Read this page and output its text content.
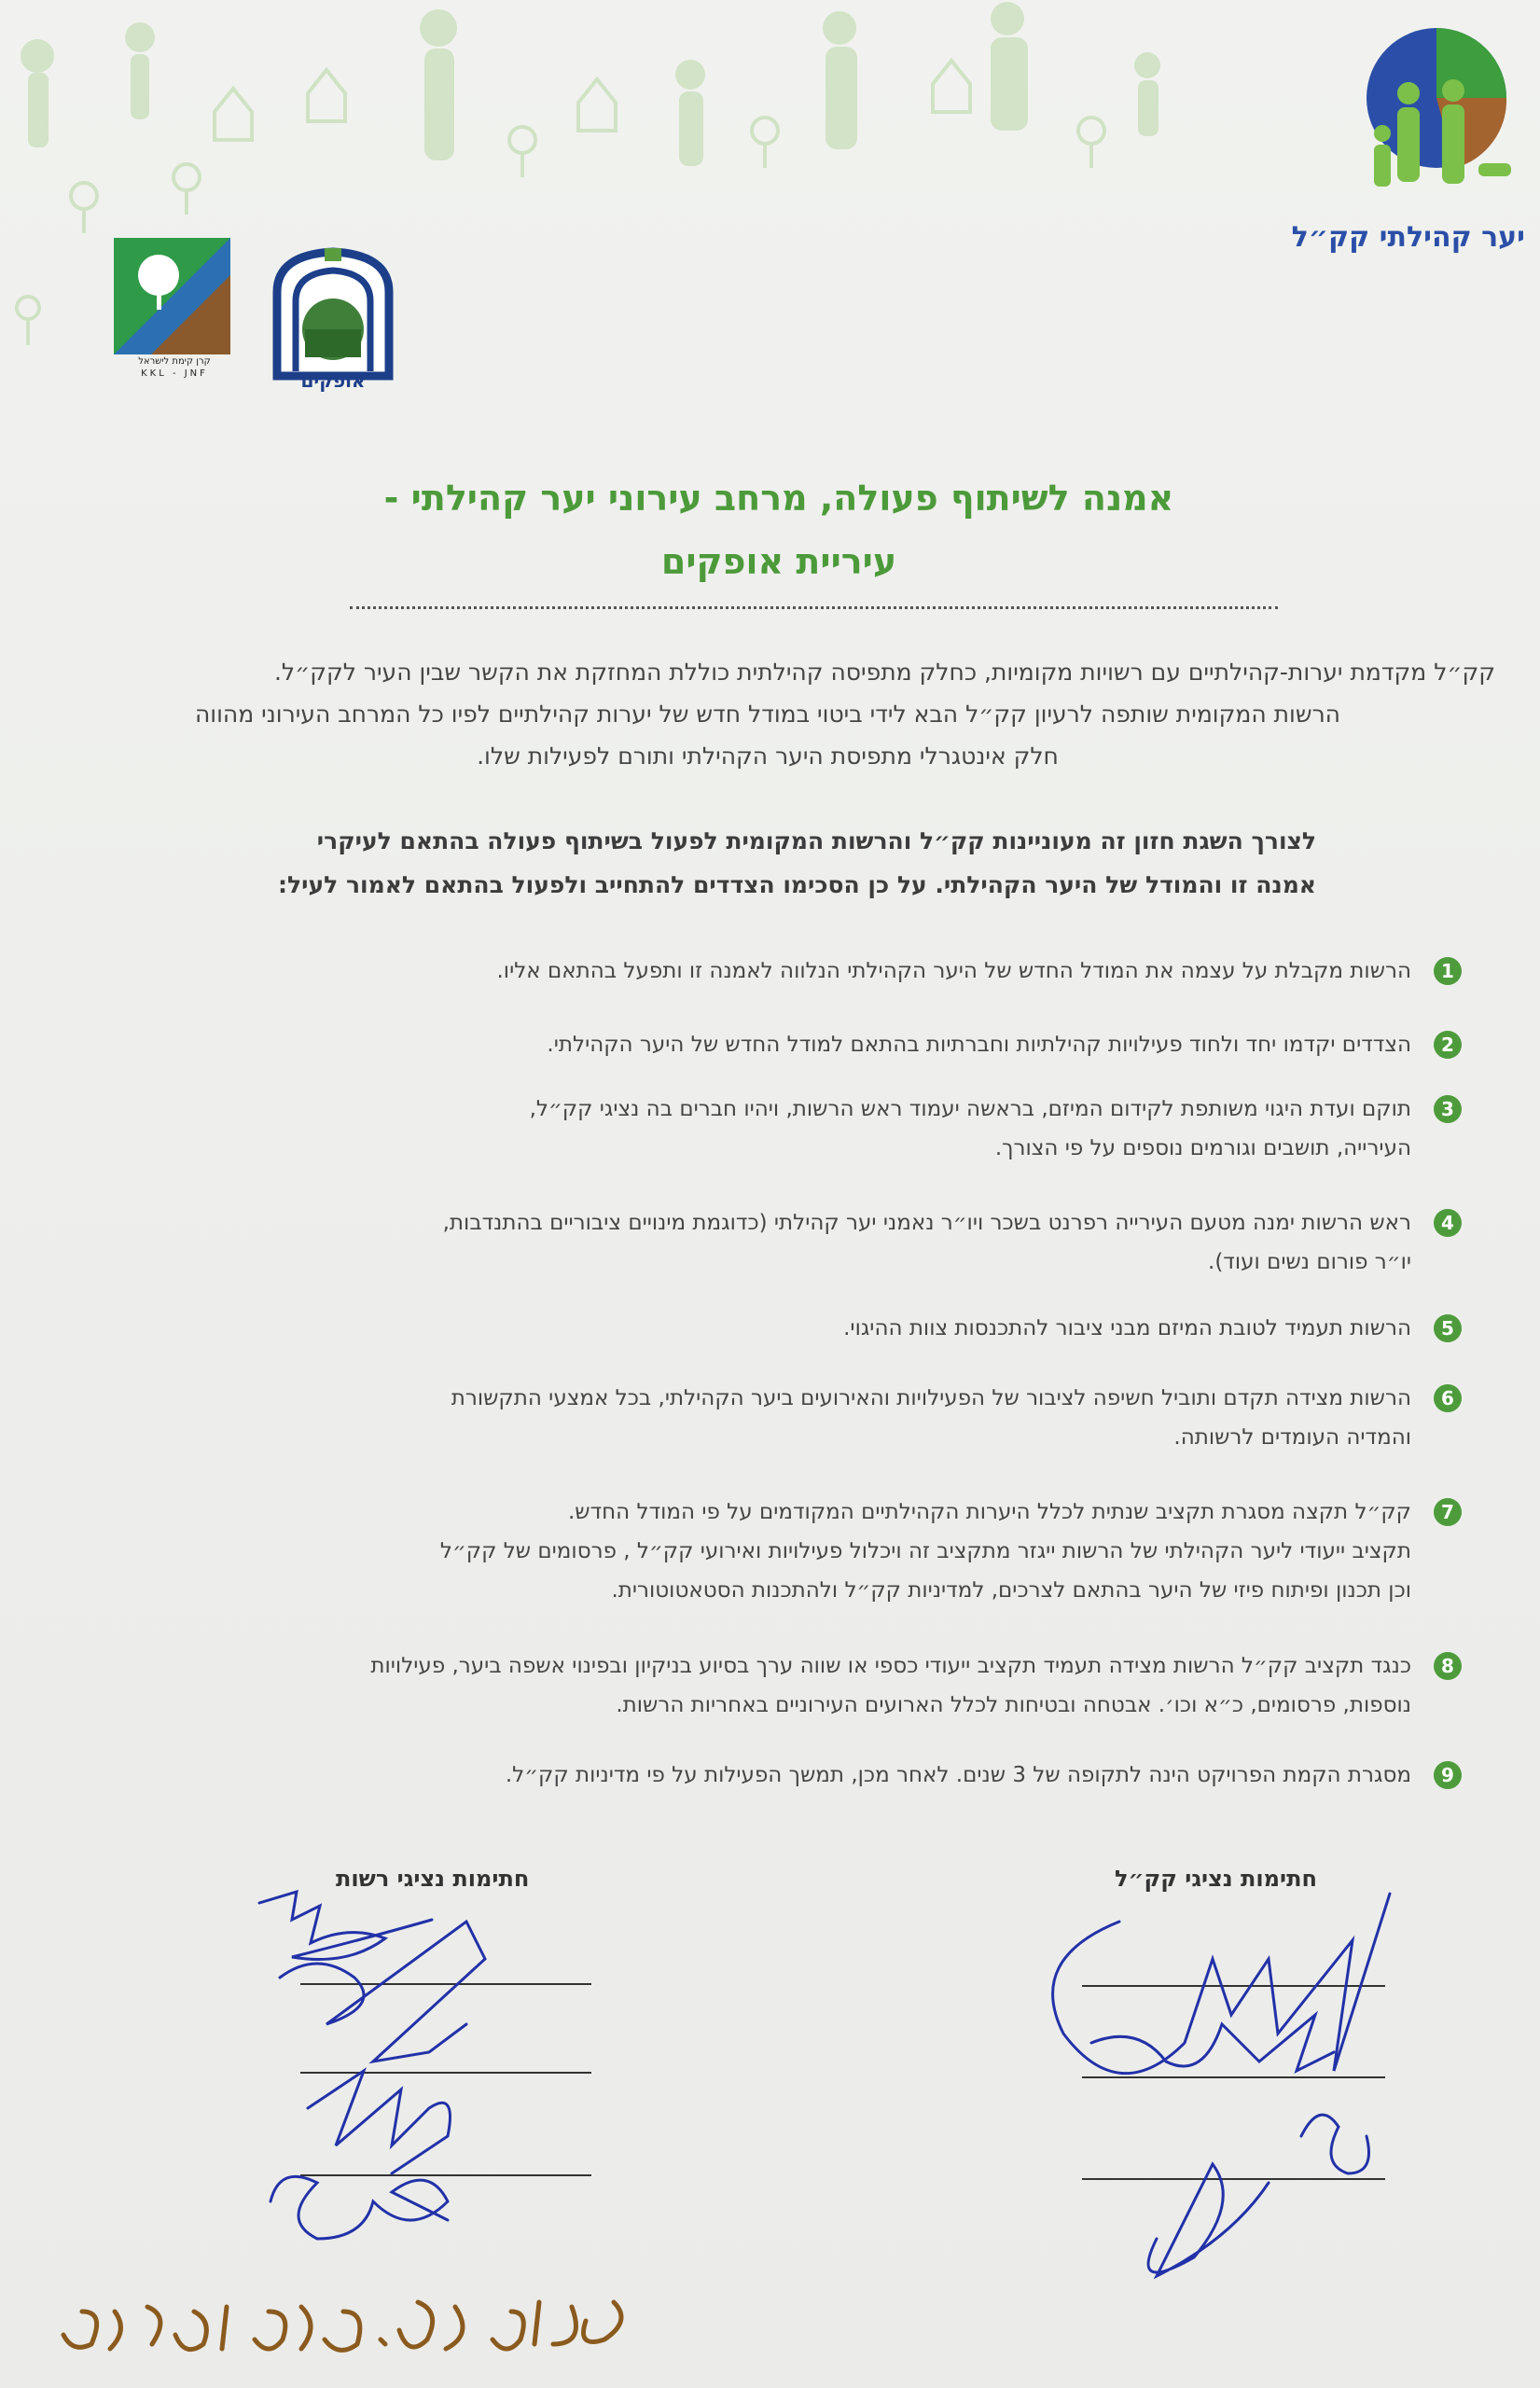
קרן קימת לישראל
KKL - JNF	אופקים
יער קהילתי קק״ל
אמנה לשיתוף פעולה, מרחב עירוני יער קהילתי -
עיריית אופקים
קק״ל מקדמת יערות-קהילתיים עם רשויות מקומיות, כחלק מתפיסה קהילתית כוללת המחזקת את הקשר שבין העיר לקק״ל.
הרשות המקומית שותפה לרעיון קק״ל הבא לידי ביטוי במודל חדש של יערות קהילתיים לפיו כל המרחב העירוני מהווה
חלק אינטגרלי מתפיסת היער הקהילתי ותורם לפעילות שלו.
לצורך השגת חזון זה מעוניינות קק״ל והרשות המקומית לפעול בשיתוף פעולה בהתאם לעיקרי
אמנה זו והמודל של היער הקהילתי. על כן הסכימו הצדדים להתחייב ולפעול בהתאם לאמור לעיל:
1
הרשות מקבלת על עצמה את המודל החדש של היער הקהילתי הנלווה לאמנה זו ותפעל בהתאם אליו.
2
הצדדים יקדמו יחד ולחוד פעילויות קהילתיות וחברתיות בהתאם למודל החדש של היער הקהילתי.
3
תוקם ועדת היגוי משותפת לקידום המיזם, בראשה יעמוד ראש הרשות, ויהיו חברים בה נציגי קק״ל,
העירייה, תושבים וגורמים נוספים על פי הצורך.
4
ראש הרשות ימנה מטעם העירייה רפרנט בשכר ויו״ר נאמני יער קהילתי (כדוגמת מינויים ציבוריים בהתנדבות,
יו״ר פורום נשים ועוד).
5
הרשות תעמיד לטובת המיזם מבני ציבור להתכנסות צוות ההיגוי.
6
הרשות מצידה תקדם ותוביל חשיפה לציבור של הפעילויות והאירועים ביער הקהילתי, בכל אמצעי התקשורת
והמדיה העומדים לרשותה.
7
קק״ל תקצה מסגרת תקציב שנתית לכלל היערות הקהילתיים המקודמים על פי המודל החדש.
תקציב ייעודי ליער הקהילתי של הרשות ייגזר מתקציב זה ויכלול פעילויות ואירועי קק״ל , פרסומים של קק״ל
וכן תכנון ופיתוח פיזי של היער בהתאם לצרכים, למדיניות קק״ל ולהתכנות הסטאטוטורית.
8
כנגד תקציב קק״ל הרשות מצידה תעמיד תקציב ייעודי כספי או שווה ערך בסיוע בניקיון ובפינוי אשפה ביער, פעילויות
נוספות, פרסומים, כ״א וכו׳. אבטחה ובטיחות לכלל הארועים העירוניים באחריות הרשות.
9
מסגרת הקמת הפרויקט הינה לתקופה של 3 שנים. לאחר מכן, תמשך הפעילות על פי מדיניות קק״ל.
חתימות נציגי רשות	חתימות נציגי קק״ל
